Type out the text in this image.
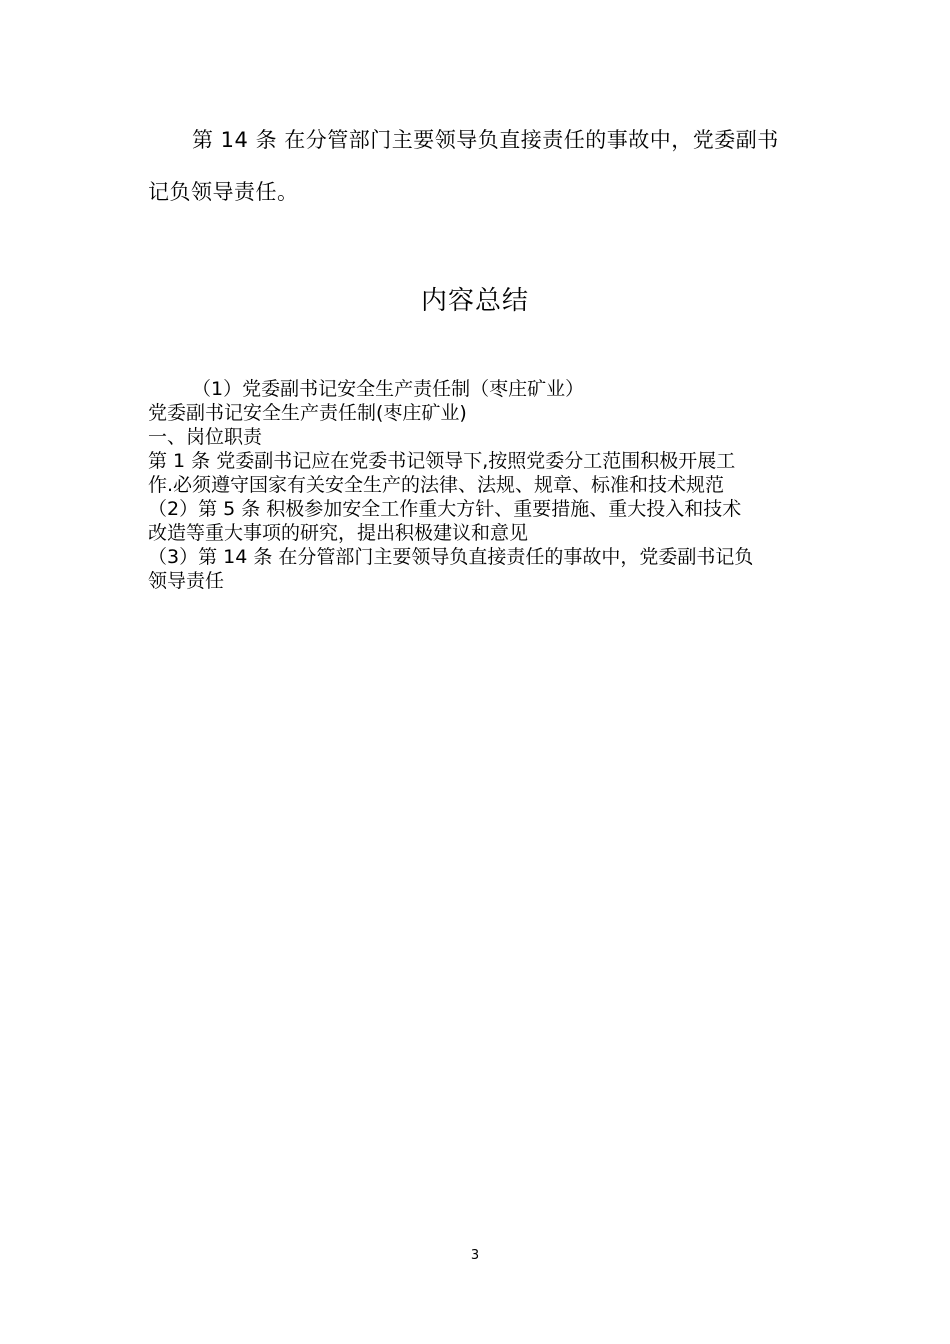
第 14 条 在分管部门主要领导负直接责任的事故中，党委副书
记负领导责任。
内容总结
（1）党委副书记安全生产责任制（枣庄矿业）
党委副书记安全生产责任制(枣庄矿业)
一、岗位职责
第 1 条 党委副书记应在党委书记领导下,按照党委分工范围积极开展工
作.必须遵守国家有关安全生产的法律、法规、规章、标准和技术规范
（2）第 5 条 积极参加安全工作重大方针、重要措施、重大投入和技术
改造等重大事项的研究，提出积极建议和意见
（3）第 14 条 在分管部门主要领导负直接责任的事故中，党委副书记负
领导责任
3
